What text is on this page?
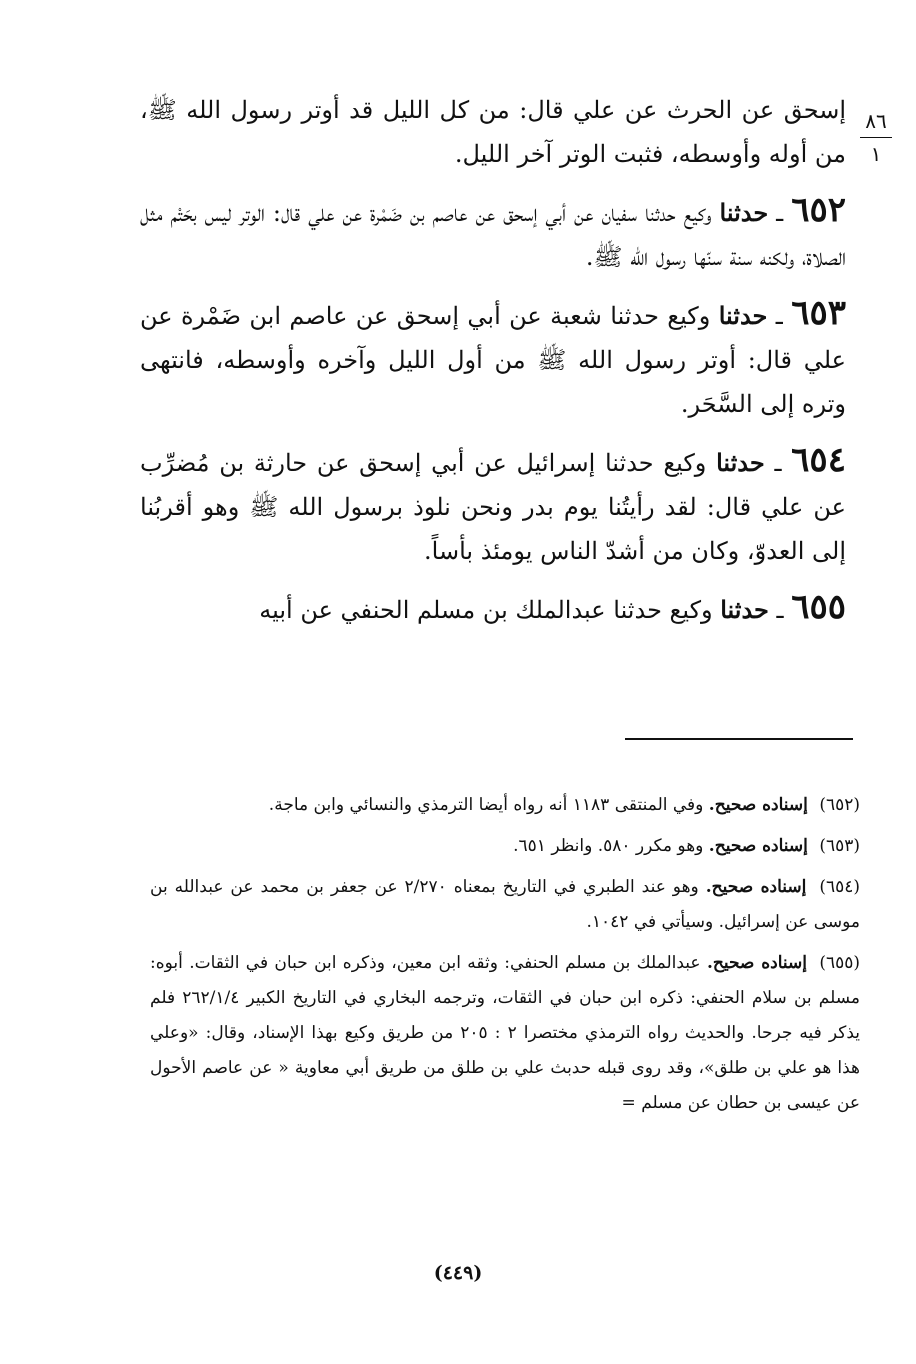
٨٦
١

إسحق عن الحرث عن علي قال: من كل الليل قد أوتر رسول الله ﷺ، من أوله وأوسطه، فثبت الوتر آخر الليل.

٦٥٢ ـ حدثنا وكيع حدثنا سفيان عن أبي إسحق عن عاصم بن ضَمْرة عن علي قال: الوتر ليس بحَتْم مثل الصلاة، ولكنه سنة سنّها رسول الله ﷺ.

٦٥٣ ـ حدثنا وكيع حدثنا شعبة عن أبي إسحق عن عاصم ابن ضَمْرة عن علي قال: أوتر رسول الله ﷺ من أول الليل وآخره وأوسطه، فانتهى وتره إلى السَّحَر.

٦٥٤ ـ حدثنا وكيع حدثنا إسرائيل عن أبي إسحق عن حارثة بن مُضرِّب عن علي قال: لقد رأيتُنا يوم بدر ونحن نلوذ برسول الله ﷺ وهو أقربُنا إلى العدوّ، وكان من أشدّ الناس يومئذ بأساً.

٦٥٥ ـ حدثنا وكيع حدثنا عبدالملك بن مسلم الحنفي عن أبيه

(٦٥٢) إسناده صحيح. وفي المنتقى ١١٨٣ أنه رواه أيضا الترمذي والنسائي وابن ماجة.

(٦٥٣) إسناده صحيح. وهو مكرر ٥٨٠. وانظر ٦٥١.

(٦٥٤) إسناده صحيح. وهو عند الطبري في التاريخ بمعناه ٢/٢٧٠ عن جعفر بن محمد عن عبدالله بن موسى عن إسرائيل. وسيأتي في ١٠٤٢.

(٦٥٥) إسناده صحيح. عبدالملك بن مسلم الحنفي: وثقه ابن معين، وذكره ابن حبان في الثقات. أبوه: مسلم بن سلام الحنفي: ذكره ابن حبان في الثقات، وترجمه البخاري في التاريخ الكبير ٢٦٢/١/٤ فلم يذكر فيه جرحا. والحديث رواه الترمذي مختصرا ٢ : ٢٠٥ من طريق وكيع بهذا الإسناد، وقال: «وعلي هذا هو علي بن طلق»، وقد روى قبله حدبث علي بن طلق من طريق أبي معاوية « عن عاصم الأحول عن عيسى بن حطان عن مسلم =

(٤٤٩)
